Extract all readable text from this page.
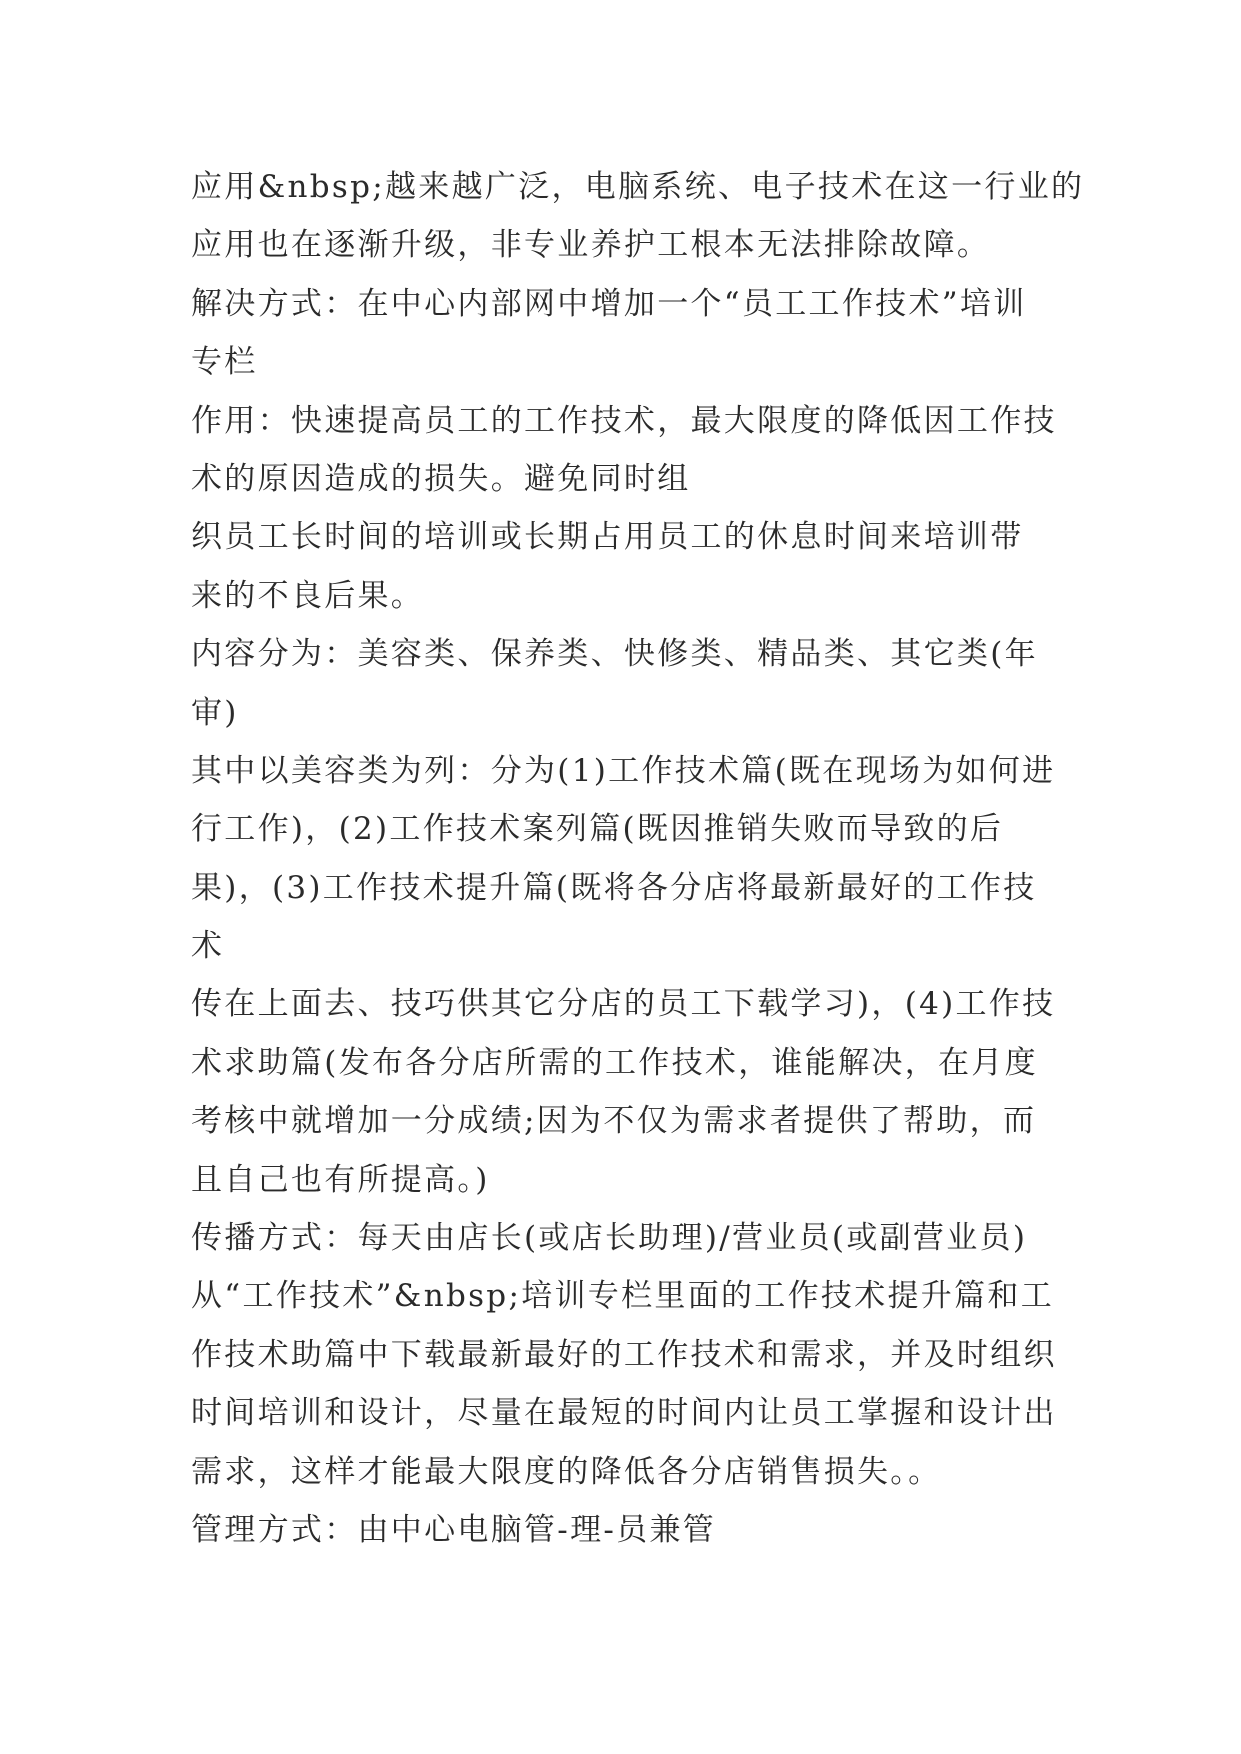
应用&nbsp;越来越广泛，电脑系统、电子技术在这一行业的
应用也在逐渐升级，非专业养护工根本无法排除故障。
解决方式：在中心内部网中增加一个“员工工作技术”培训
专栏
作用：快速提高员工的工作技术，最大限度的降低因工作技
术的原因造成的损失。避免同时组
织员工长时间的培训或长期占用员工的休息时间来培训带
来的不良后果。
内容分为：美容类、保养类、快修类、精品类、其它类(年
审)
其中以美容类为列：分为(1)工作技术篇(既在现场为如何进
行工作)，(2)工作技术案列篇(既因推销失败而导致的后
果)，(3)工作技术提升篇(既将各分店将最新最好的工作技
术
传在上面去、技巧供其它分店的员工下载学习)，(4)工作技
术求助篇(发布各分店所需的工作技术，谁能解决，在月度
考核中就增加一分成绩;因为不仅为需求者提供了帮助，而
且自己也有所提高。)
传播方式：每天由店长(或店长助理)/营业员(或副营业员)
从“工作技术”&nbsp;培训专栏里面的工作技术提升篇和工
作技术助篇中下载最新最好的工作技术和需求，并及时组织
时间培训和设计，尽量在最短的时间内让员工掌握和设计出
需求，这样才能最大限度的降低各分店销售损失。。
管理方式：由中心电脑管-理-员兼管
